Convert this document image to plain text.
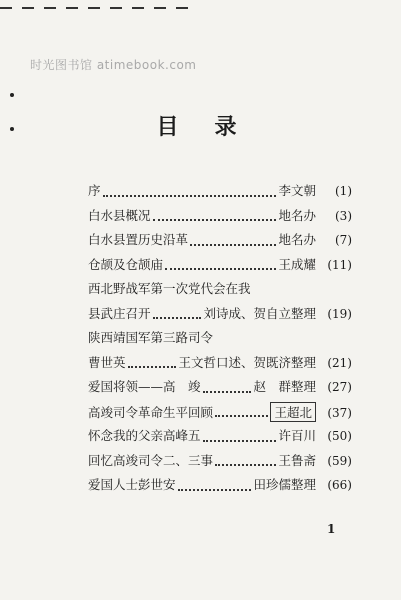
时光图书馆 atimebook.com
目录
序	李文朝	(1)
白水县概况	地名办	(3)
白水县置历史沿革	地名办	(7)
仓颉及仓颉庙	王成耀 (11)
西北野战军第一次党代会在我
县武庄召开	刘诗成、贺自立整理 (19)
陕西靖国军第三路司令
曹世英	王文哲口述、贺既济整理 (21)
爱国将领——高　竣	赵　群整理 (27)
高竣司令革命生平回顾	王超北	(37)
怀念我的父亲高峰五	许百川 (50)
回忆高竣司令二、三事	王鲁斋 (59)
爱国人士彭世安	田珍儒整理 (66)
1
